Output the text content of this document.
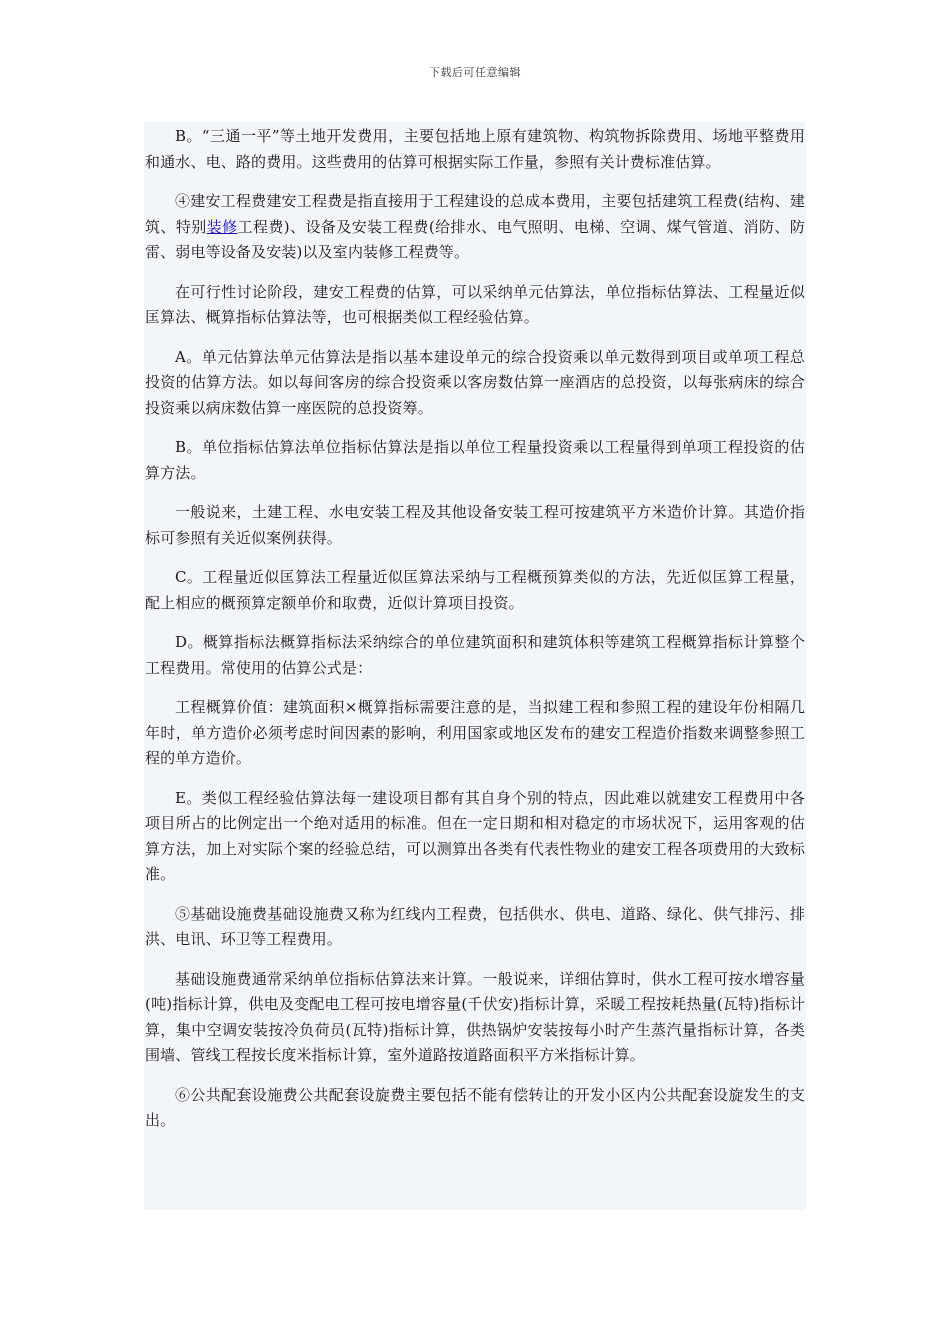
下载后可任意编辑

B。“三通一平”等土地开发费用，主要包括地上原有建筑物、构筑物拆除费用、场地平整费用和通水、电、路的费用。这些费用的估算可根据实际工作量，参照有关计费标准估算。

④建安工程费建安工程费是指直接用于工程建设的总成本费用，主要包括建筑工程费(结构、建筑、特别装修工程费)、设备及安装工程费(给排水、电气照明、电梯、空调、煤气管道、消防、防雷、弱电等设备及安装)以及室内装修工程费等。

在可行性讨论阶段，建安工程费的估算，可以采纳单元估算法，单位指标估算法、工程量近似匡算法、概算指标估算法等，也可根据类似工程经验估算。

A。单元估算法单元估算法是指以基本建设单元的综合投资乘以单元数得到项目或单项工程总投资的估算方法。如以每间客房的综合投资乘以客房数估算一座酒店的总投资，以每张病床的综合投资乘以病床数估算一座医院的总投资筹。

B。单位指标估算法单位指标估算法是指以单位工程量投资乘以工程量得到单项工程投资的估算方法。

一般说来，土建工程、水电安装工程及其他设备安装工程可按建筑平方米造价计算。其造价指标可参照有关近似案例获得。

C。工程量近似匡算法工程量近似匡算法采纳与工程概预算类似的方法，先近似匡算工程量，配上相应的概预算定额单价和取费，近似计算项目投资。

D。概算指标法概算指标法采纳综合的单位建筑面积和建筑体积等建筑工程概算指标计算整个工程费用。常使用的估算公式是：

工程概算价值：建筑面积×概算指标需要注意的是，当拟建工程和参照工程的建设年份相隔几年时，单方造价必须考虑时间因素的影响，利用国家或地区发布的建安工程造价指数来调整参照工程的单方造价。

E。类似工程经验估算法每一建设项目都有其自身个别的特点，因此难以就建安工程费用中各项目所占的比例定出一个绝对适用的标准。但在一定日期和相对稳定的市场状况下，运用客观的估算方法，加上对实际个案的经验总结，可以测算出各类有代表性物业的建安工程各项费用的大致标准。

⑤基础设施费基础设施费又称为红线内工程费，包括供水、供电、道路、绿化、供气排污、排洪、电讯、环卫等工程费用。

基础设施费通常采纳单位指标估算法来计算。一般说来，详细估算时，供水工程可按水增容量(吨)指标计算，供电及变配电工程可按电增容量(千伏安)指标计算，采暖工程按耗热量(瓦特)指标计算，集中空调安装按冷负荷员(瓦特)指标计算，供热锅炉安装按每小时产生蒸汽量指标计算，各类围墙、管线工程按长度米指标计算，室外道路按道路面积平方米指标计算。

⑥公共配套设施费公共配套设旋费主要包括不能有偿转让的开发小区内公共配套设旋发生的支出。
